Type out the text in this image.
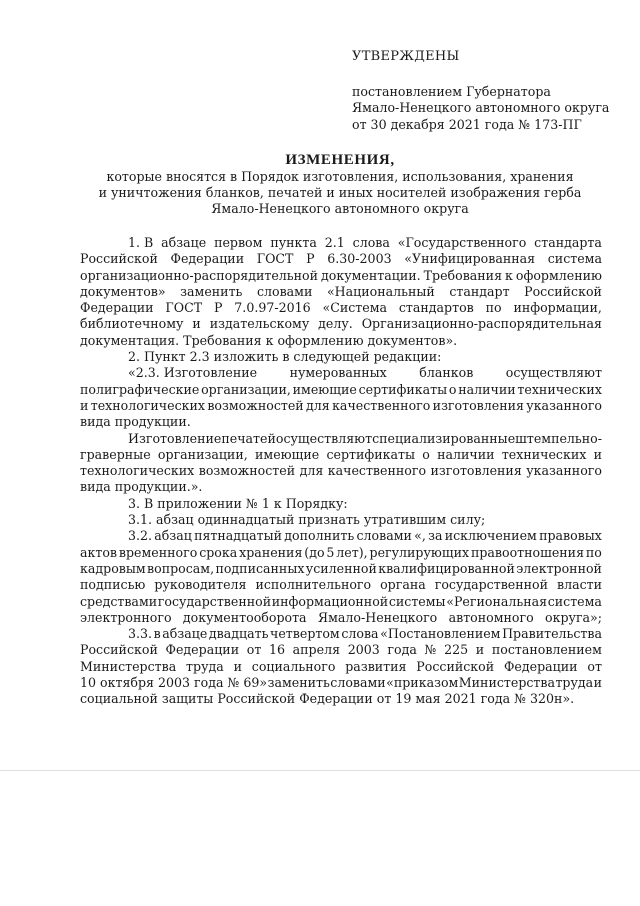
УТВЕРЖДЕНЫ
постановлением Губернатора
Ямало-Ненецкого автономного округа
от 30 декабря 2021 года № 173-ПГ
ИЗМЕНЕНИЯ,
которые вносятся в Порядок изготовления, использования, хранения
и уничтожения бланков, печатей и иных носителей изображения герба
Ямало-Ненецкого автономного округа
1. В абзаце первом пункта 2.1 слова «Государственного стандарта
Российской Федерации ГОСТ Р 6.30-2003 «Унифицированная система
организационно-распорядительной документации. Требования к оформлению
документов» заменить словами «Национальный стандарт Российской
Федерации ГОСТ Р 7.0.97-2016 «Система стандартов по информации,
библиотечному и издательскому делу. Организационно-распорядительная
документация. Требования к оформлению документов».
2. Пункт 2.3 изложить в следующей редакции:
«2.3. Изготовление	нумерованных	бланков	осуществляют
полиграфические организации, имеющие сертификаты о наличии технических
и технологических возможностей для качественного изготовления указанного
вида продукции.
Изготовление печатей осуществляют специализированные штемпельно-
граверные организации, имеющие сертификаты о наличии технических и
технологических возможностей для качественного изготовления указанного
вида продукции.».
3. В приложении № 1 к Порядку:
3.1. абзац одиннадцатый признать утратившим силу;
3.2. абзац пятнадцатый дополнить словами «, за исключением правовых
актов временного срока хранения (до 5 лет), регулирующих правоотношения по
кадровым вопросам, подписанных усиленной квалифицированной электронной
подписью руководителя исполнительного органа государственной власти
средствами государственной информационной системы «Региональная система
электронного документооборота Ямало-Ненецкого автономного округа»;
3.3. в абзаце двадцать четвертом слова «Постановлением Правительства
Российской Федерации от 16 апреля 2003 года № 225 и постановлением
Министерства труда и социального развития Российской Федерации от
10 октября 2003 года № 69» заменить словами «приказом Министерства труда и
социальной защиты Российской Федерации от 19 мая 2021 года № 320н».
